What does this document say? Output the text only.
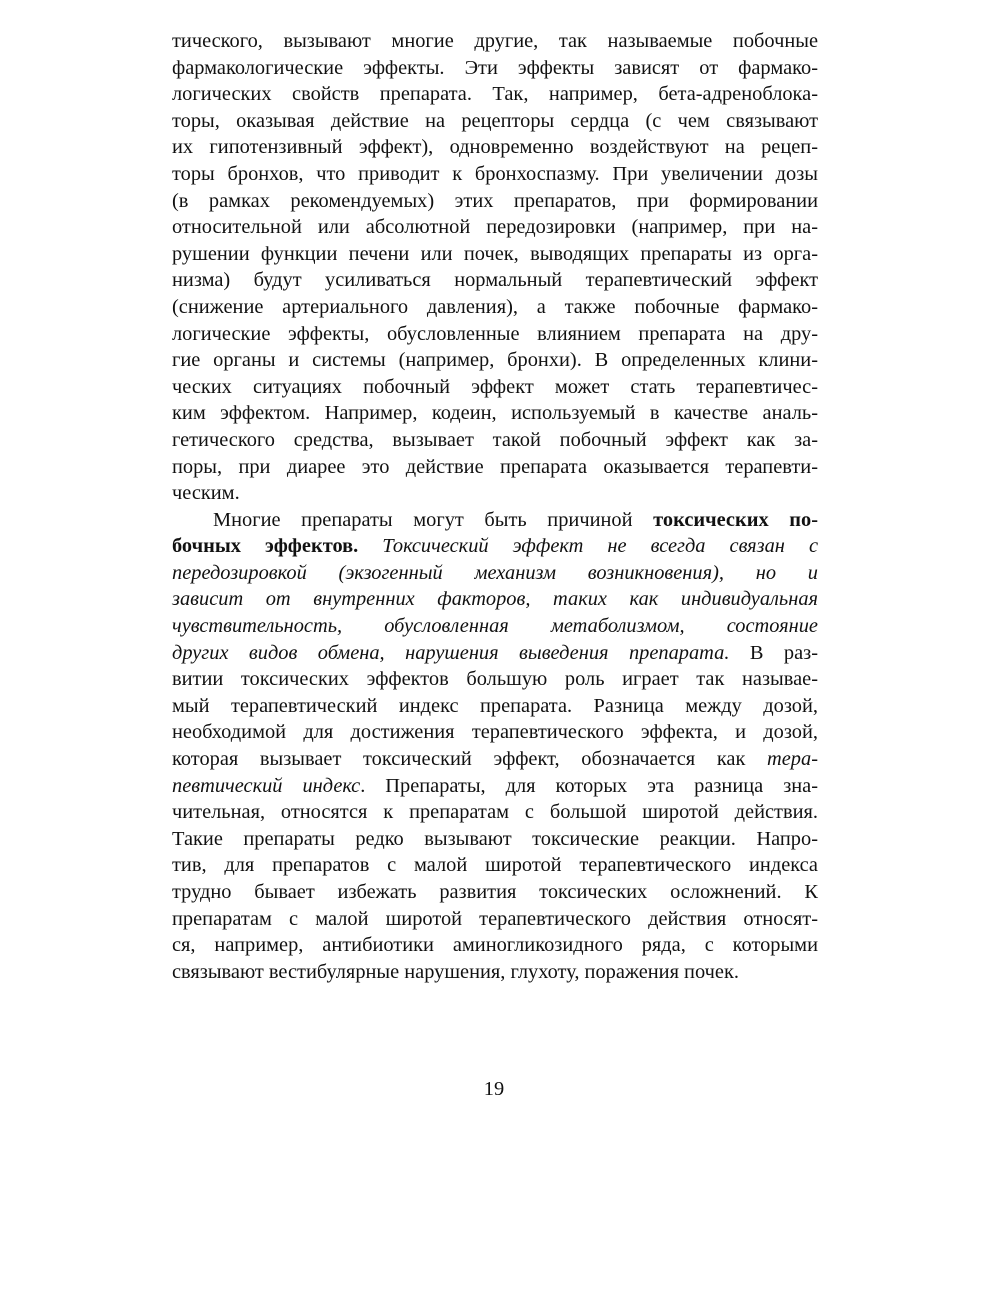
тического, вызывают многие другие, так называемые побочные
фармакологические эффекты. Эти эффекты зависят от фармако-
логических свойств препарата. Так, например, бета-адреноблока-
торы, оказывая действие на рецепторы сердца (с чем связывают
их гипотензивный эффект), одновременно воздействуют на рецеп-
торы бронхов, что приводит к бронхоспазму. При увеличении дозы
(в рамках рекомендуемых) этих препаратов, при формировании
относительной или абсолютной передозировки (например, при на-
рушении функции печени или почек, выводящих препараты из орга-
низма) будут усиливаться нормальный терапевтический эффект
(снижение артериального давления), а также побочные фармако-
логические эффекты, обусловленные влиянием препарата на дру-
гие органы и системы (например, бронхи). В определенных клини-
ческих ситуациях побочный эффект может стать терапевтичес-
ким эффектом. Например, кодеин, используемый в качестве аналь-
гетического средства, вызывает такой побочный эффект как за-
поры, при диарее это действие препарата оказывается терапевти-
ческим.
Многие препараты могут быть причиной токсических по-
бочных эффектов. Токсический эффект не всегда связан с
передозировкой (экзогенный механизм возникновения), но и
зависит от внутренних факторов, таких как индивидуальная
чувствительность, обусловленная метаболизмом, состояние
других видов обмена, нарушения выведения препарата. В раз-
витии токсических эффектов большую роль играет так называе-
мый терапевтический индекс препарата. Разница между дозой,
необходимой для достижения терапевтического эффекта, и дозой,
которая вызывает токсический эффект, обозначается как тера-
певтический индекс. Препараты, для которых эта разница зна-
чительная, относятся к препаратам с большой широтой действия.
Такие препараты редко вызывают токсические реакции. Напро-
тив, для препаратов с малой широтой терапевтического индекса
трудно бывает избежать развития токсических осложнений. К
препаратам с малой широтой терапевтического действия относят-
ся, например, антибиотики аминогликозидного ряда, с которыми
связывают вестибулярные нарушения, глухоту, поражения почек.
19
